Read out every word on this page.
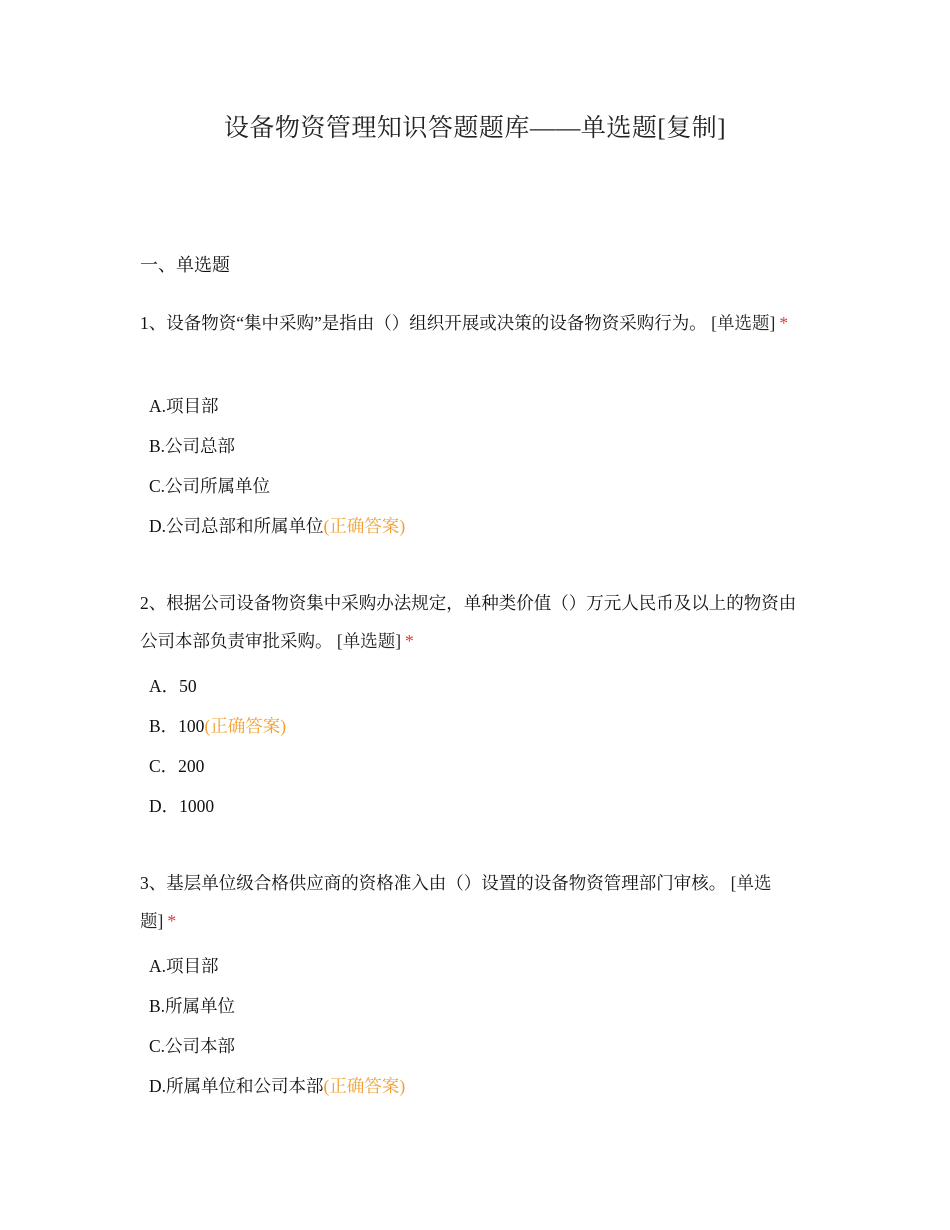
设备物资管理知识答题题库——单选题[复制]
一、单选题
1、设备物资“集中采购”是指由（）组织开展或决策的设备物资采购行为。 [单选题] *
A.项目部
B.公司总部
C.公司所属单位
D.公司总部和所属单位(正确答案)
2、根据公司设备物资集中采购办法规定，单种类价值（）万元人民币及以上的物资由公司本部负责审批采购。 [单选题] *
A．50
B．100(正确答案)
C．200
D．1000
3、基层单位级合格供应商的资格准入由（）设置的设备物资管理部门审核。 [单选题] *
A.项目部
B.所属单位
C.公司本部
D.所属单位和公司本部(正确答案)
